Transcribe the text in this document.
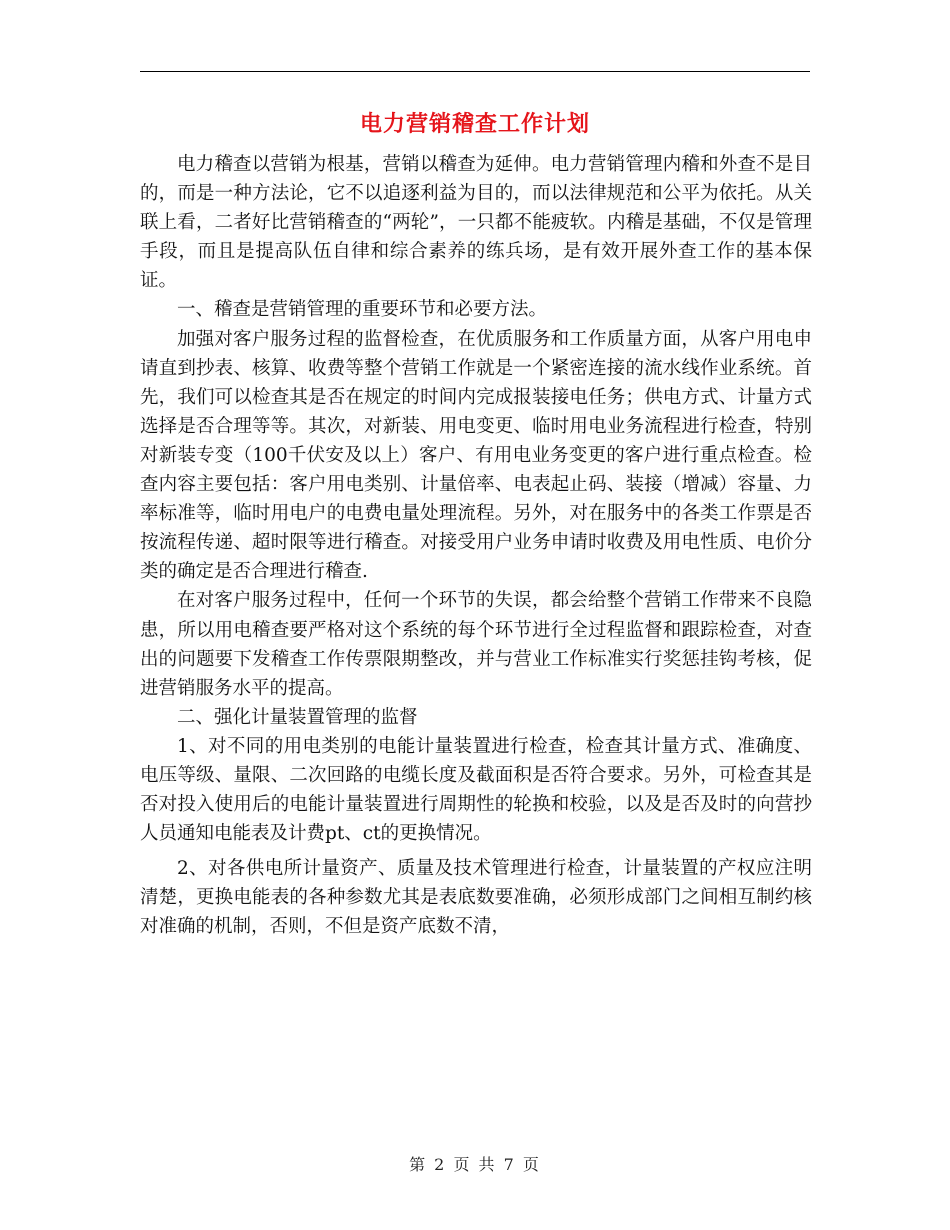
电力营销稽查工作计划

电力稽查以营销为根基，营销以稽查为延伸。电力营销管理内稽和外查不是目的，而是一种方法论，它不以追逐利益为目的，而以法律规范和公平为依托。从关联上看，二者好比营销稽查的“两轮”，一只都不能疲软。内稽是基础，不仅是管理手段，而且是提高队伍自律和综合素养的练兵场，是有效开展外查工作的基本保证。

一、稽查是营销管理的重要环节和必要方法。

加强对客户服务过程的监督检查，在优质服务和工作质量方面，从客户用电申请直到抄表、核算、收费等整个营销工作就是一个紧密连接的流水线作业系统。首先，我们可以检查其是否在规定的时间内完成报装接电任务；供电方式、计量方式选择是否合理等等。其次，对新装、用电变更、临时用电业务流程进行检查，特别对新装专变（100千伏安及以上）客户、有用电业务变更的客户进行重点检查。检查内容主要包括：客户用电类别、计量倍率、电表起止码、装接（增减）容量、力率标准等，临时用电户的电费电量处理流程。另外，对在服务中的各类工作票是否按流程传递、超时限等进行稽查。对接受用户业务申请时收费及用电性质、电价分类的确定是否合理进行稽查.

在对客户服务过程中，任何一个环节的失误，都会给整个营销工作带来不良隐患，所以用电稽查要严格对这个系统的每个环节进行全过程监督和跟踪检查，对查出的问题要下发稽查工作传票限期整改，并与营业工作标准实行奖惩挂钩考核，促进营销服务水平的提高。

二、强化计量装置管理的监督

1、对不同的用电类别的电能计量装置进行检查，检查其计量方式、准确度、电压等级、量限、二次回路的电缆长度及截面积是否符合要求。另外，可检查其是否对投入使用后的电能计量装置进行周期性的轮换和校验，以及是否及时的向营抄人员通知电能表及计费pt、ct的更换情况。

2、对各供电所计量资产、质量及技术管理进行检查，计量装置的产权应注明清楚，更换电能表的各种参数尤其是表底数要准确，必须形成部门之间相互制约核对准确的机制，否则，不但是资产底数不清，

第 2 页 共 7 页
